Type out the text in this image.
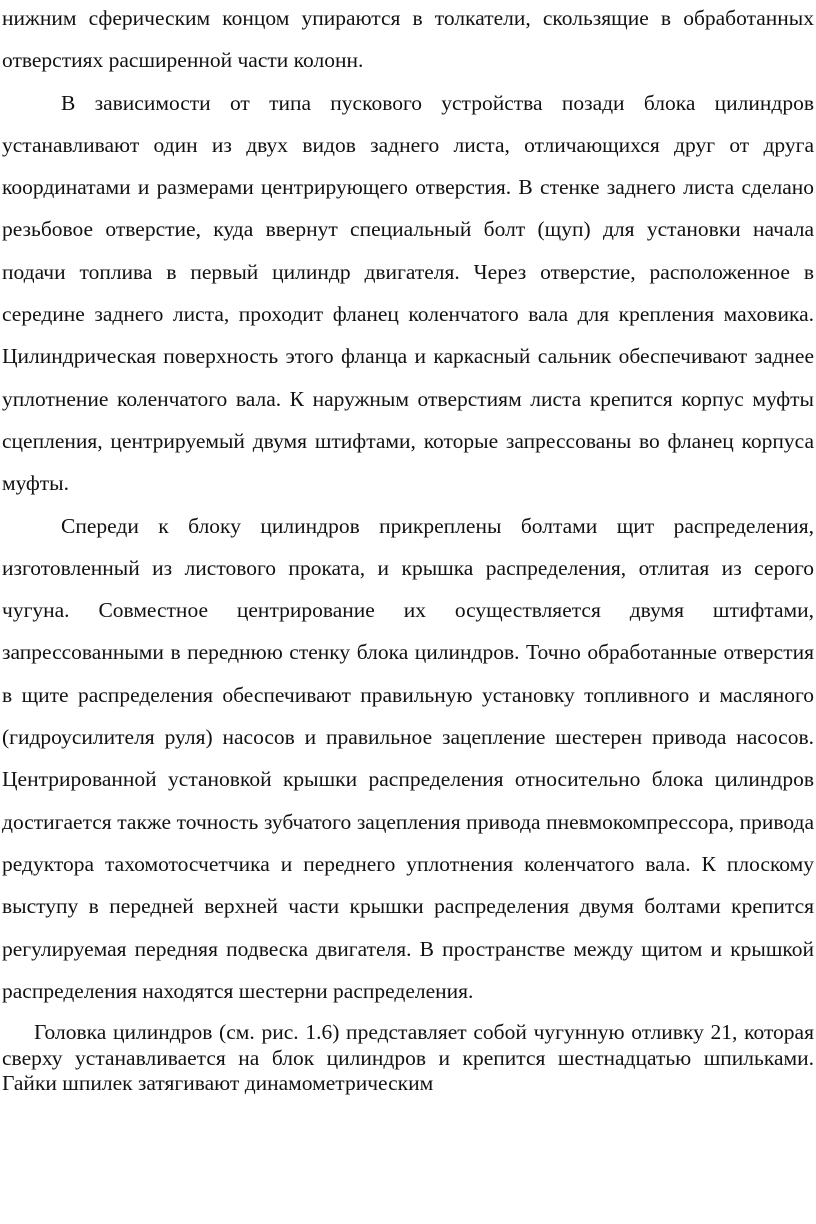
нижним сферическим концом упираются в толкатели, скользящие в обработанных отверстиях расширенной части колонн.

В зависимости от типа пускового устройства позади блока цилиндров устанавливают один из двух видов заднего листа, отличающихся друг от друга координатами и размерами центрирующего отверстия. В стенке заднего листа сделано резьбовое отверстие, куда ввернут специальный болт (щуп) для установки начала подачи топлива в первый цилиндр двигателя. Через отверстие, расположенное в середине заднего листа, проходит фланец коленчатого вала для крепления маховика. Цилиндрическая поверхность этого фланца и каркасный сальник обеспечивают заднее уплотнение коленчатого вала. К наружным отверстиям листа крепится корпус муфты сцепления, центрируемый двумя штифтами, которые запрессованы во фланец корпуса муфты.

Спереди к блоку цилиндров прикреплены болтами щит распределения, изготовленный из листового проката, и крышка распределения, отлитая из серого чугуна. Совместное центрирование их осуществляется двумя штифтами, запрессованными в переднюю стенку блока цилиндров. Точно обработанные отверстия в щите распределения обеспечивают правильную установку топливного и масляного (гидроусилителя руля) насосов и правильное зацепление шестерен привода насосов. Центрированной установкой крышки распределения относительно блока цилиндров достигается также точность зубчатого зацепления привода пневмокомпрессора, привода редуктора тахомотосчетчика и переднего уплотнения коленчатого вала. К плоскому выступу в передней верхней части крышки распределения двумя болтами крепится регулируемая передняя подвеска двигателя. В пространстве между щитом и крышкой распределения находятся шестерни распределения.

Головка цилиндров (см. рис. 1.6) представляет собой чугунную отливку 21, которая сверху устанавливается на блок цилиндров и крепится шестнадцатью шпильками. Гайки шпилек затягивают динамометрическим
